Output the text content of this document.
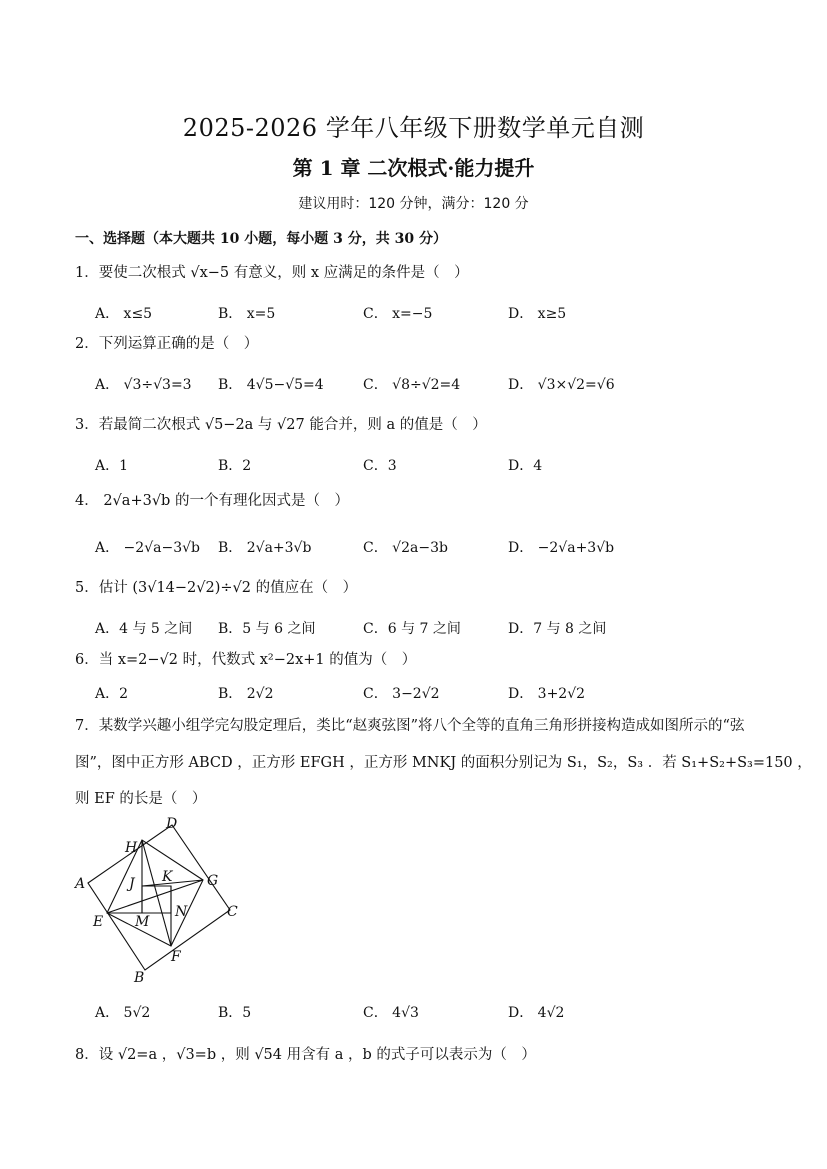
2025-2026 学年八年级下册数学单元自测
第 1 章 二次根式·能力提升
建议用时：120 分钟，满分：120 分
一、选择题（本大题共 10 小题，每小题 3 分，共 30 分）
1．要使二次根式 √x−5 有意义，则 x 应满足的条件是（　）
A． x≤5	B． x=5	C． x=−5	D． x≥5
2．下列运算正确的是（　）
A． √3÷√3=3 B． 4√5−√5=4	C． √8÷√2=4	D． √3×√2=√6
3．若最简二次根式 √5−2a 与 √27 能合并，则 a 的值是（　）
A．1	B．2	C．3	D．4
4． 2√a+3√b 的一个有理化因式是（　）
A． −2√a−3√b B． 2√a+3√b	C． √2a−3b	D． −2√a+3√b
5．估计 (3√14−2√2)÷√2 的值应在（　）
A．4 与 5 之间 B．5 与 6 之间	C．6 与 7 之间	D．7 与 8 之间
6．当 x=2−√2 时，代数式 x²−2x+1 的值为（　）
A．2	B． 2√2	C． 3−2√2	D． 3+2√2
7．某数学兴趣小组学完勾股定理后，类比“赵爽弦图”将八个全等的直角三角形拼接构造成如图所示的“弦
图”，图中正方形 ABCD ，正方形 EFGH ，正方形 MNKJ 的面积分别记为 S₁，S₂，S₃ ．若 S₁+S₂+S₃=150 ，
则 EF 的长是（　）
A
B
C
D
E
F
G
H
J K
M
N
A． 5√2	B．5	C． 4√3	D． 4√2
8．设 √2=a ，√3=b ，则 √54 用含有 a ，b 的式子可以表示为（　）
